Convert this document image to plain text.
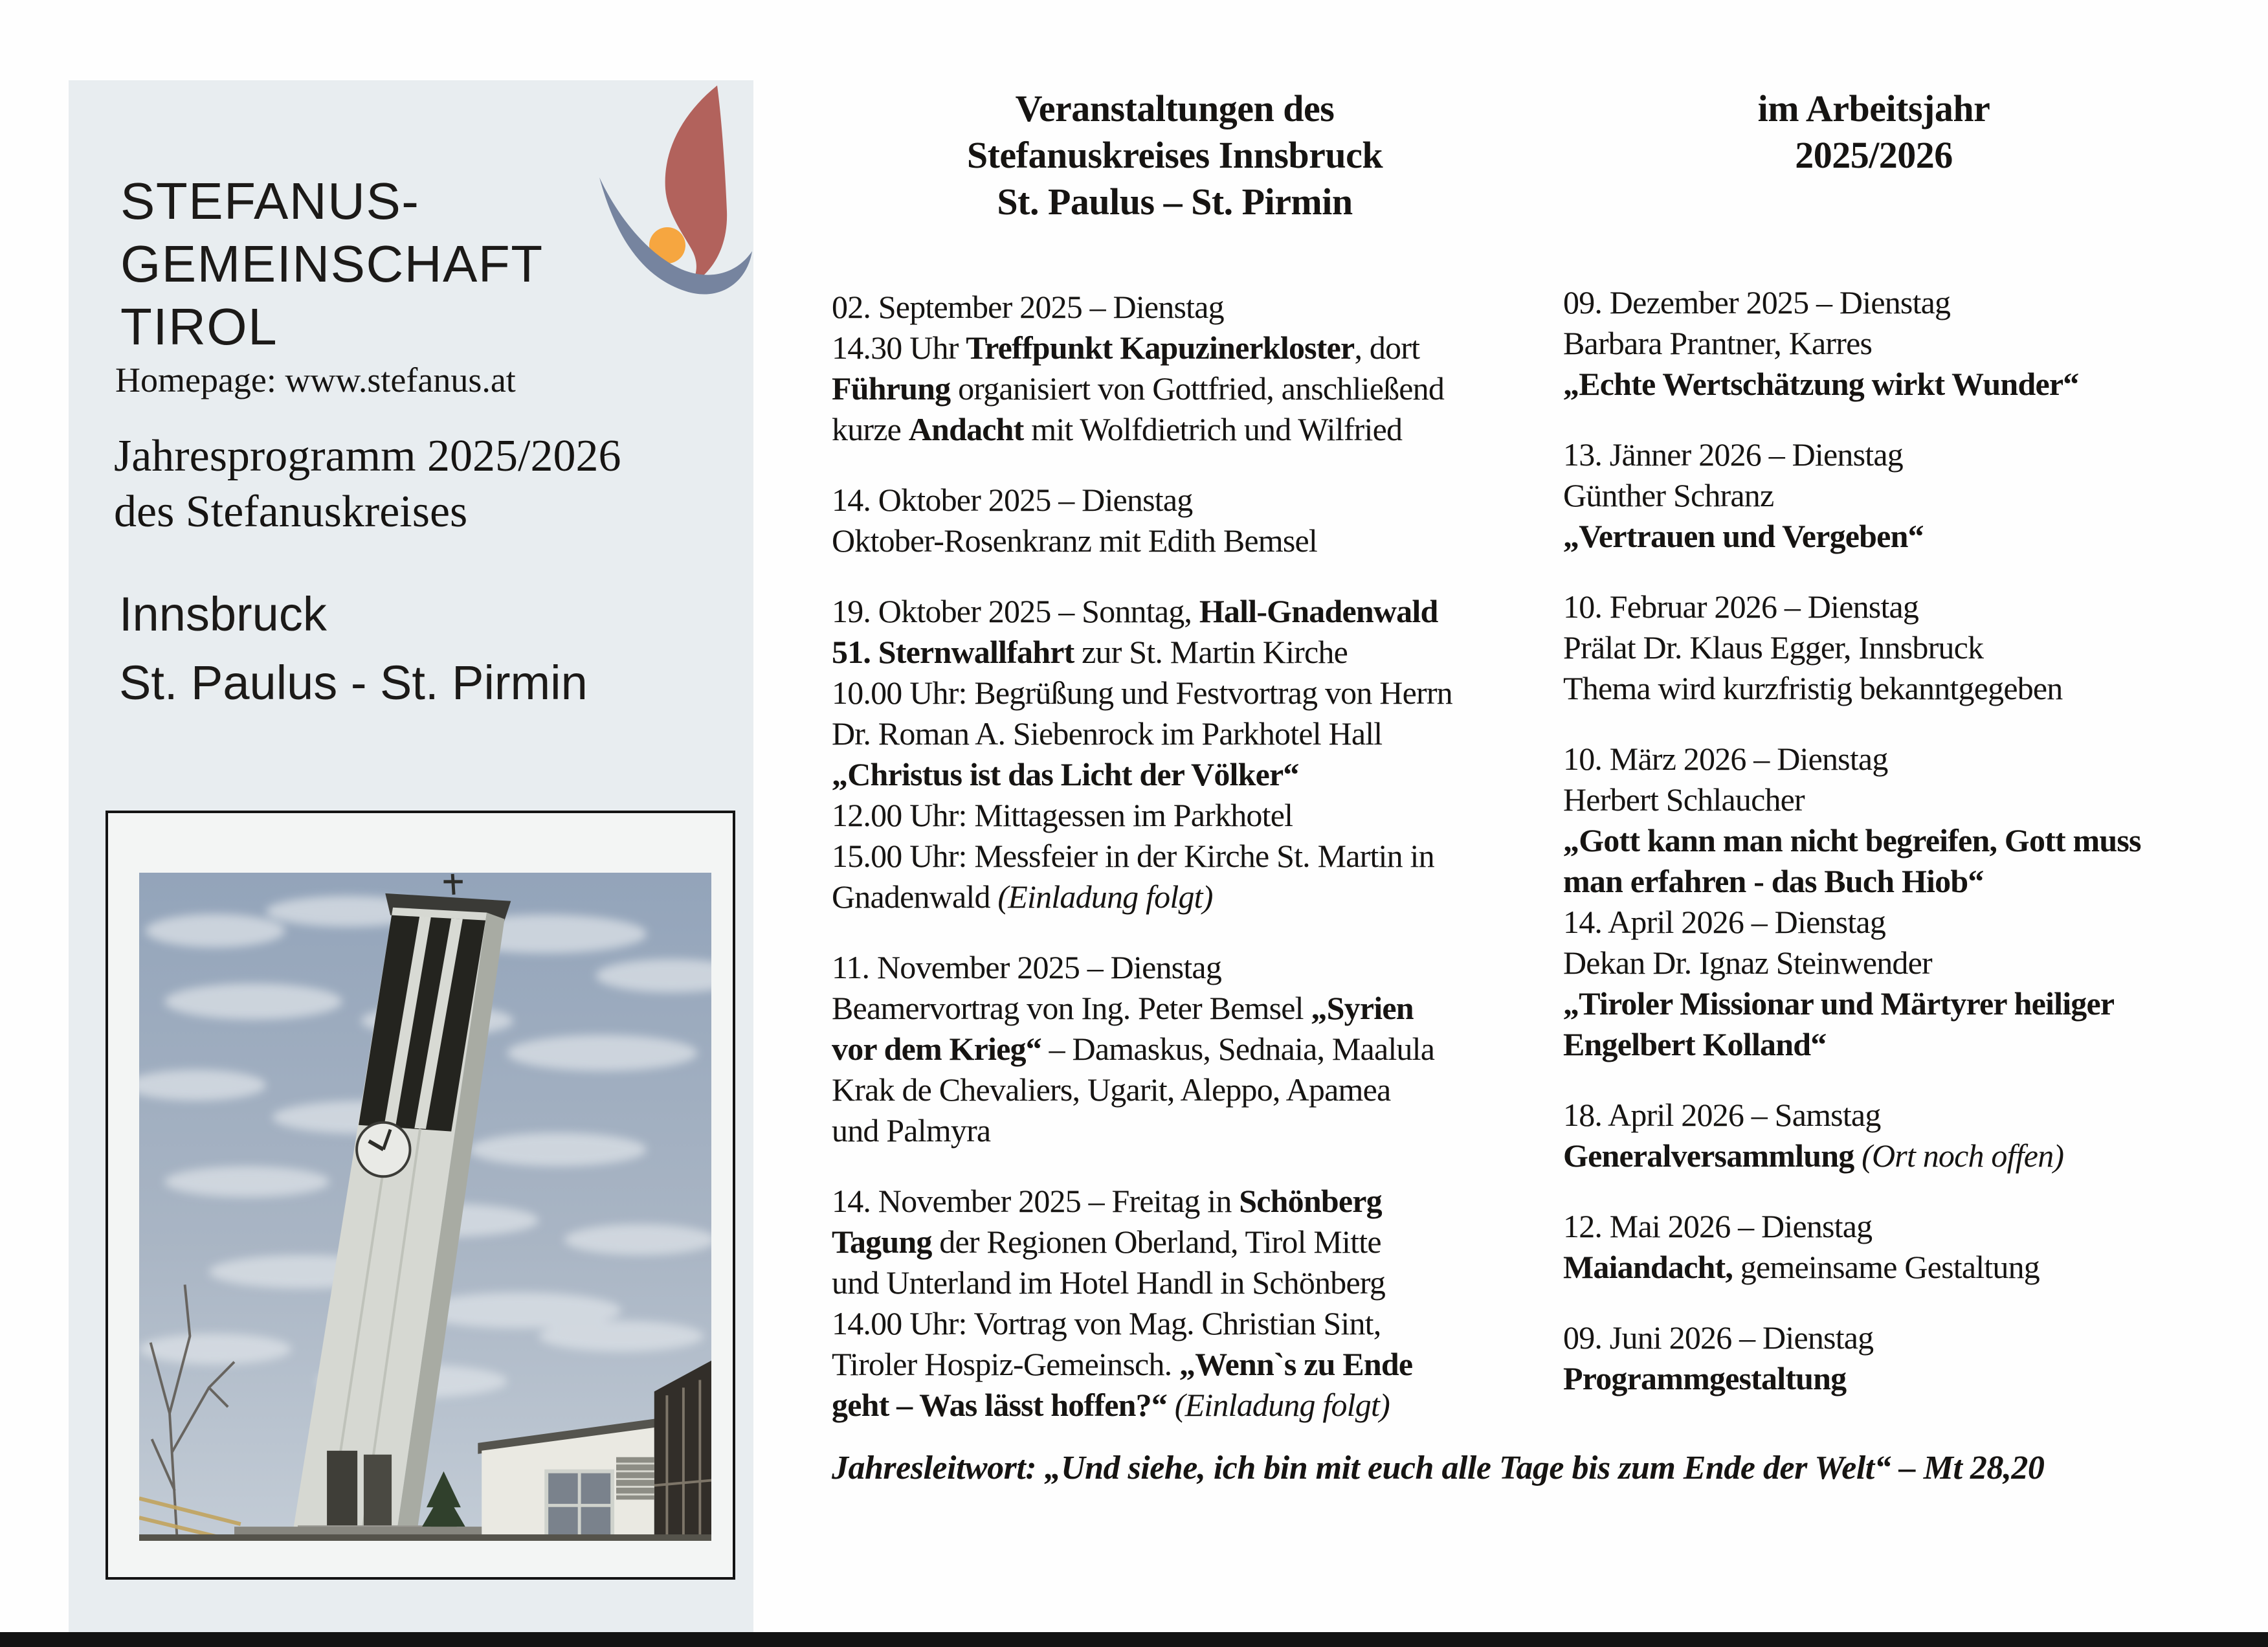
STEFANUS-
GEMEINSCHAFT
TIROL
Homepage: www.stefanus.at
Jahresprogramm 2025/2026
des Stefanuskreises
Innsbruck
St. Paulus - St. Pirmin
Veranstaltungen des
Stefanuskreises Innsbruck
St. Paulus – St. Pirmin
02. September 2025 – Dienstag
14.30 Uhr Treffpunkt Kapuzinerkloster, dort
Führung organisiert von Gottfried, anschließend
kurze Andacht mit Wolfdietrich und Wilfried
14. Oktober 2025 – Dienstag
Oktober-Rosenkranz mit Edith Bemsel
19. Oktober 2025 – Sonntag, Hall-Gnadenwald
51. Sternwallfahrt zur St. Martin Kirche
10.00 Uhr: Begrüßung und Festvortrag von Herrn
Dr. Roman A. Siebenrock im Parkhotel Hall
„Christus ist das Licht der Völker“
12.00 Uhr: Mittagessen im Parkhotel
15.00 Uhr: Messfeier in der Kirche St. Martin in
Gnadenwald (Einladung folgt)
11. November 2025 – Dienstag
Beamervortrag von Ing. Peter Bemsel „Syrien
vor dem Krieg“ – Damaskus, Sednaia, Maalula
Krak de Chevaliers, Ugarit, Aleppo, Apamea
und Palmyra
14. November 2025 – Freitag in Schönberg
Tagung der Regionen Oberland, Tirol Mitte
und Unterland im Hotel Handl in Schönberg
14.00 Uhr: Vortrag von Mag. Christian Sint,
Tiroler Hospiz-Gemeinsch. „Wenn`s zu Ende
geht – Was lässt hoffen?“ (Einladung folgt)
im Arbeitsjahr
2025/2026
09. Dezember 2025 – Dienstag
Barbara Prantner, Karres
„Echte Wertschätzung wirkt Wunder“
13. Jänner 2026 – Dienstag
Günther Schranz
„Vertrauen und Vergeben“
10. Februar 2026 – Dienstag
Prälat Dr. Klaus Egger, Innsbruck
Thema wird kurzfristig bekanntgegeben
10. März 2026 – Dienstag
Herbert Schlaucher
„Gott kann man nicht begreifen, Gott muss
man erfahren - das Buch Hiob“
14. April 2026 – Dienstag
Dekan Dr. Ignaz Steinwender
„Tiroler Missionar und Märtyrer heiliger
Engelbert Kolland“
18. April 2026 – Samstag
Generalversammlung (Ort noch offen)
12. Mai 2026 – Dienstag
Maiandacht, gemeinsame Gestaltung
09. Juni 2026 – Dienstag
Programmgestaltung
Jahresleitwort: „Und siehe, ich bin mit euch alle Tage bis zum Ende der Welt“ – Mt 28,20
